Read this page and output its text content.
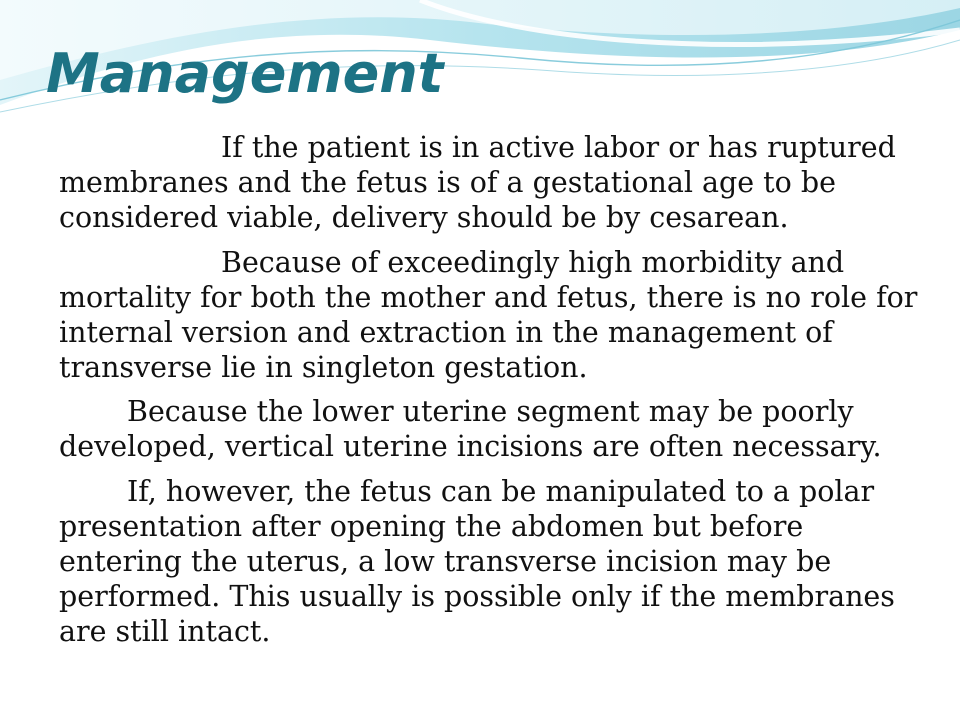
Management

If the patient is in active labor or has ruptured membranes and the fetus is of a gestational age to be considered viable, delivery should be by cesarean.

Because of exceedingly high morbidity and mortality for both the mother and fetus, there is no role for internal version and extraction in the management of transverse lie in singleton gestation.

Because the lower uterine segment may be poorly developed, vertical uterine incisions are often necessary.

If, however, the fetus can be manipulated to a polar presentation after opening the abdomen but before entering the uterus, a low transverse incision may be performed. This usually is possible only if the membranes are still intact.
